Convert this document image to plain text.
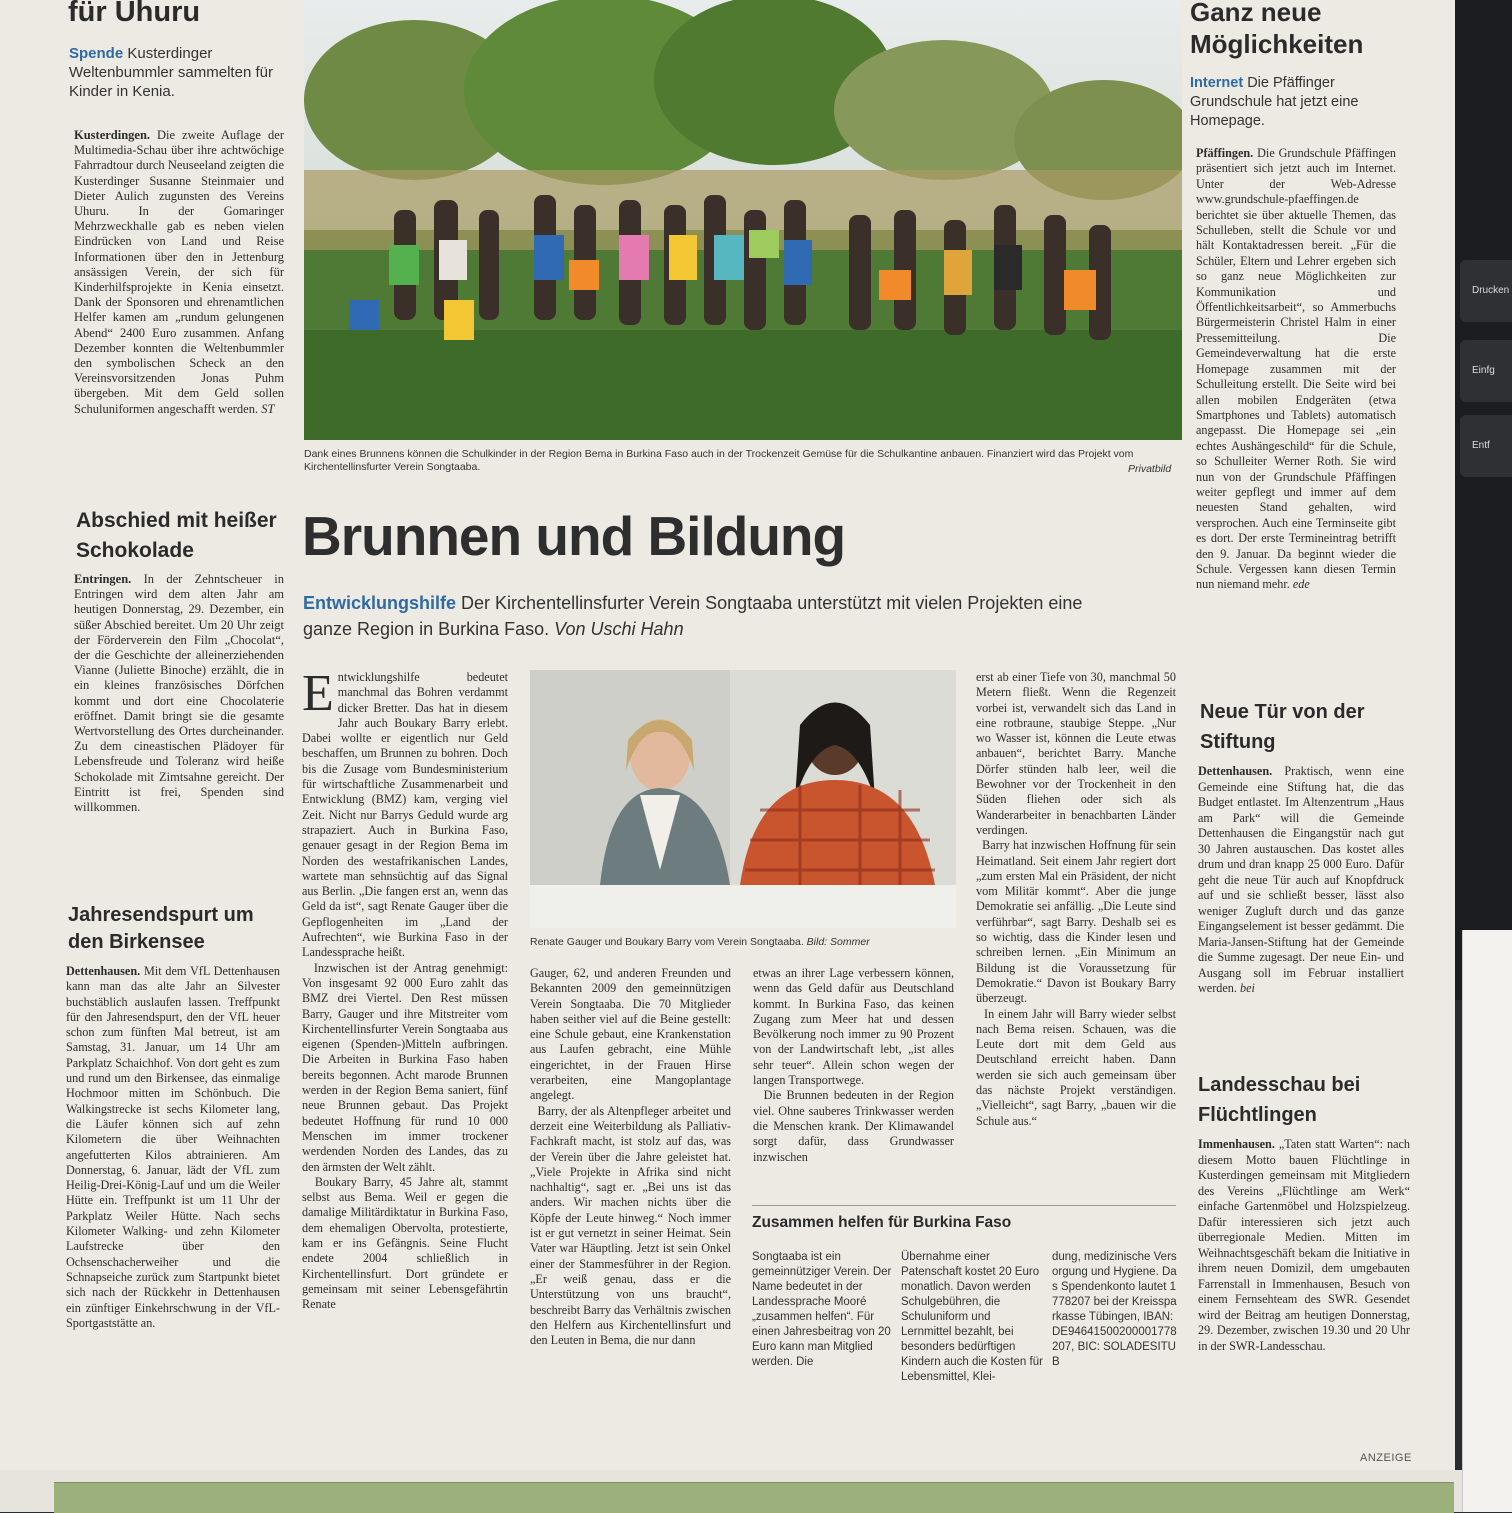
für Uhuru
Spende Kusterdinger Weltenbummler sammelten für Kinder in Kenia.
Kusterdingen. Die zweite Auflage der Multimedia-Schau über ihre achtwöchige Fahrradtour durch Neuseeland zeigten die Kusterdinger Susanne Steinmaier und Dieter Aulich zugunsten des Vereins Uhuru. In der Gomaringer Mehrzweckhalle gab es neben vielen Eindrücken von Land und Reise Informationen über den in Jettenburg ansässigen Verein, der sich für Kinderhilfsprojekte in Kenia einsetzt. Dank der Sponsoren und ehrenamtlichen Helfer kamen am „rundum gelungenen Abend“ 2400 Euro zusammen. Anfang Dezember konnten die Weltenbummler den symbolischen Scheck an den Vereinsvorsitzenden Jonas Puhm übergeben. Mit dem Geld sollen Schuluniformen angeschafft werden. ST
Abschied mit heißer Schokolade
Entringen. In der Zehntscheuer in Entringen wird dem alten Jahr am heutigen Donnerstag, 29. Dezember, ein süßer Abschied bereitet. Um 20 Uhr zeigt der Förderverein den Film „Chocolat“, der die Geschichte der alleinerziehenden Vianne (Juliette Binoche) erzählt, die in ein kleines französisches Dörfchen kommt und dort eine Chocolaterie eröffnet. Damit bringt sie die gesamte Wertvorstellung des Ortes durcheinander. Zu dem cineastischen Plädoyer für Lebensfreude und Toleranz wird heiße Schokolade mit Zimtsahne gereicht. Der Eintritt ist frei, Spenden sind willkommen.
Jahresendspurt um den Birkensee
Dettenhausen. Mit dem VfL Dettenhausen kann man das alte Jahr an Silvester buchstäblich auslaufen lassen. Treffpunkt für den Jahresendspurt, den der VfL heuer schon zum fünften Mal betreut, ist am Samstag, 31. Januar, um 14 Uhr am Parkplatz Schaichhof. Von dort geht es zum und rund um den Birkensee, das einmalige Hochmoor mitten im Schönbuch. Die Walkingstrecke ist sechs Kilometer lang, die Läufer können sich auf zehn Kilometern die über Weihnachten angefutterten Kilos abtrainieren. Am Donnerstag, 6. Januar, lädt der VfL zum Heilig-Drei-König-Lauf und um die Weiler Hütte ein. Treffpunkt ist um 11 Uhr der Parkplatz Weiler Hütte. Nach sechs Kilometer Walking- und zehn Kilometer Laufstrecke über den Ochsenschacherweiher und die Schnapseiche zurück zum Startpunkt bietet sich nach der Rückkehr in Dettenhausen ein zünftiger Einkehrschwung in der VfL-Sportgaststätte an.
Dank eines Brunnens können die Schulkinder in der Region Bema in Burkina Faso auch in der Trockenzeit Gemüse für die Schulkantine anbauen. Finanziert wird das Projekt vom Kirchentellinsfurter Verein Songtaaba.	Privatbild
Brunnen und Bildung
Entwicklungshilfe Der Kirchentellinsfurter Verein Songtaaba unterstützt mit vielen Projekten eine ganze Region in Burkina Faso. Von Uschi Hahn
Entwicklungshilfe bedeutet manchmal das Bohren verdammt dicker Bretter. Das hat in diesem Jahr auch Boukary Barry erlebt. Dabei wollte er eigentlich nur Geld beschaffen, um Brunnen zu bohren. Doch bis die Zusage vom Bundesministerium für wirtschaftliche Zusammenarbeit und Entwicklung (BMZ) kam, verging viel Zeit. Nicht nur Barrys Geduld wurde arg strapaziert. Auch in Burkina Faso, genauer gesagt in der Region Bema im Norden des westafrikanischen Landes, wartete man sehnsüchtig auf das Signal aus Berlin. „Die fangen erst an, wenn das Geld da ist“, sagt Renate Gauger über die Gepflogenheiten im „Land der Aufrechten“, wie Burkina Faso in der Landessprache heißt.
Inzwischen ist der Antrag genehmigt: Von insgesamt 92 000 Euro zahlt das BMZ drei Viertel. Den Rest müssen Barry, Gauger und ihre Mitstreiter vom Kirchentellinsfurter Verein Songtaaba aus eigenen (Spenden-)Mitteln aufbringen. Die Arbeiten in Burkina Faso haben bereits begonnen. Acht marode Brunnen werden in der Region Bema saniert, fünf neue Brunnen gebaut. Das Projekt bedeutet Hoffnung für rund 10 000 Menschen im immer trockener werdenden Norden des Landes, das zu den ärmsten der Welt zählt.
Boukary Barry, 45 Jahre alt, stammt selbst aus Bema. Weil er gegen die damalige Militärdiktatur in Burkina Faso, dem ehemaligen Obervolta, protestierte, kam er ins Gefängnis. Seine Flucht endete 2004 schließlich in Kirchentellinsfurt. Dort gründete er gemeinsam mit seiner Lebensgefährtin Renate
Renate Gauger und Boukary Barry vom Verein Songtaaba. Bild: Sommer
Gauger, 62, und anderen Freunden und Bekannten 2009 den gemeinnützigen Verein Songtaaba. Die 70 Mitglieder haben seither viel auf die Beine gestellt: eine Schule gebaut, eine Krankenstation aus Laufen gebracht, eine Mühle eingerichtet, in der Frauen Hirse verarbeiten, eine Mangoplantage angelegt.
Barry, der als Altenpfleger arbeitet und derzeit eine Weiterbildung als Palliativ-Fachkraft macht, ist stolz auf das, was der Verein über die Jahre geleistet hat. „Viele Projekte in Afrika sind nicht nachhaltig“, sagt er. „Bei uns ist das anders. Wir machen nichts über die Köpfe der Leute hinweg.“ Noch immer ist er gut vernetzt in seiner Heimat. Sein Vater war Häuptling. Jetzt ist sein Onkel einer der Stammesführer in der Region. „Er weiß genau, dass er die Unterstützung von uns braucht“, beschreibt Barry das Verhältnis zwischen den Helfern aus Kirchentellinsfurt und den Leuten in Bema, die nur dann
etwas an ihrer Lage verbessern können, wenn das Geld dafür aus Deutschland kommt. In Burkina Faso, das keinen Zugang zum Meer hat und dessen Bevölkerung noch immer zu 90 Prozent von der Landwirtschaft lebt, „ist alles sehr teuer“. Allein schon wegen der langen Transportwege.
Die Brunnen bedeuten in der Region viel. Ohne sauberes Trinkwasser werden die Menschen krank. Der Klimawandel sorgt dafür, dass Grundwasser inzwischen
erst ab einer Tiefe von 30, manchmal 50 Metern fließt. Wenn die Regenzeit vorbei ist, verwandelt sich das Land in eine rotbraune, staubige Steppe. „Nur wo Wasser ist, können die Leute etwas anbauen“, berichtet Barry. Manche Dörfer stünden halb leer, weil die Bewohner vor der Trockenheit in den Süden fliehen oder sich als Wanderarbeiter in benachbarten Länder verdingen.
Barry hat inzwischen Hoffnung für sein Heimatland. Seit einem Jahr regiert dort „zum ersten Mal ein Präsident, der nicht vom Militär kommt“. Aber die junge Demokratie sei anfällig. „Die Leute sind verführbar“, sagt Barry. Deshalb sei es so wichtig, dass die Kinder lesen und schreiben lernen. „Ein Minimum an Bildung ist die Voraussetzung für Demokratie.“ Davon ist Boukary Barry überzeugt.
In einem Jahr will Barry wieder selbst nach Bema reisen. Schauen, was die Leute dort mit dem Geld aus Deutschland erreicht haben. Dann werden sie sich auch gemeinsam über das nächste Projekt verständigen. „Vielleicht“, sagt Barry, „bauen wir die Schule aus.“
Zusammen helfen für Burkina Faso
Songtaaba ist ein gemeinnütziger Verein. Der Name bedeutet in der Landessprache Mooré „zusammen helfen“. Für einen Jahresbeitrag von 20 Euro kann man Mitglied werden. Die
Übernahme einer Patenschaft kostet 20 Euro monatlich. Davon werden Schulgebühren, die Schuluniform und Lernmittel bezahlt, bei besonders bedürftigen Kindern auch die Kosten für Lebensmittel, Klei-
dung, medizinische Versorgung und Hygiene. Das Spendenkonto lautet 1778207 bei der Kreissparkasse Tübingen, IBAN: DE94641500200001778207, BIC: SOLADESITUB
Ganz neue Möglichkeiten
Internet Die Pfäffinger Grundschule hat jetzt eine Homepage.
Pfäffingen. Die Grundschule Pfäffingen präsentiert sich jetzt auch im Internet. Unter der Web-Adresse www.grundschule-pfaeffingen.de berichtet sie über aktuelle Themen, das Schulleben, stellt die Schule vor und hält Kontaktadressen bereit. „Für die Schüler, Eltern und Lehrer ergeben sich so ganz neue Möglichkeiten zur Kommunikation und Öffentlichkeitsarbeit“, so Ammerbuchs Bürgermeisterin Christel Halm in einer Pressemitteilung. Die Gemeindeverwaltung hat die erste Homepage zusammen mit der Schulleitung erstellt. Die Seite wird bei allen mobilen Endgeräten (etwa Smartphones und Tablets) automatisch angepasst. Die Homepage sei „ein echtes Aushängeschild“ für die Schule, so Schulleiter Werner Roth. Sie wird nun von der Grundschule Pfäffingen weiter gepflegt und immer auf dem neuesten Stand gehalten, wird versprochen. Auch eine Terminseite gibt es dort. Der erste Termineintrag betrifft den 9. Januar. Da beginnt wieder die Schule. Vergessen kann diesen Termin nun niemand mehr. ede
Neue Tür von der Stiftung
Dettenhausen. Praktisch, wenn eine Gemeinde eine Stiftung hat, die das Budget entlastet. Im Altenzentrum „Haus am Park“ will die Gemeinde Dettenhausen die Eingangstür nach gut 30 Jahren austauschen. Das kostet alles drum und dran knapp 25 000 Euro. Dafür geht die neue Tür auch auf Knopfdruck auf und sie schließt besser, lässt also weniger Zugluft durch und das ganze Eingangselement ist besser gedämmt. Die Maria-Jansen-Stiftung hat der Gemeinde die Summe zugesagt. Der neue Ein- und Ausgang soll im Februar installiert werden. bei
Landesschau bei Flüchtlingen
Immenhausen. „Taten statt Warten“: nach diesem Motto bauen Flüchtlinge in Kusterdingen gemeinsam mit Mitgliedern des Vereins „Flüchtlinge am Werk“ einfache Gartenmöbel und Holzspielzeug. Dafür interessieren sich jetzt auch überregionale Medien. Mitten im Weihnachtsgeschäft bekam die Initiative in ihrem neuen Domizil, dem umgebauten Farrenstall in Immenhausen, Besuch von einem Fernsehteam des SWR. Gesendet wird der Beitrag am heutigen Donnerstag, 29. Dezember, zwischen 19.30 und 20 Uhr in der SWR-Landesschau.
ANZEIGE
Drucken
Einfg
Entf
